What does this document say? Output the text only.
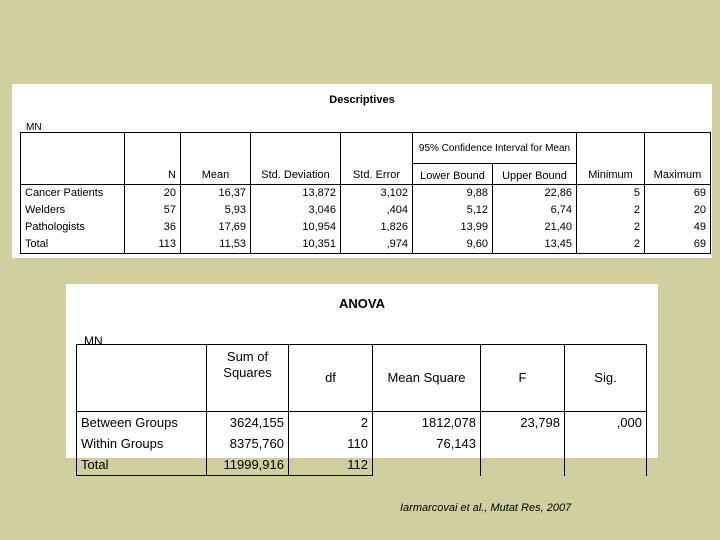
Descriptives
MN
					95% Confidence Interval for Mean			
	N	Mean	Std. Deviation	Std. Error	Lower Bound	Upper Bound	Minimum	Maximum
Cancer Patients	20	16,37	13,872	3,102	9,88	22,86	5	69
Welders	57	5,93	3,046	,404	5,12	6,74	2	20
Pathologists	36	17,69	10,954	1,826	13,99	21,40	2	49
Total	113	11,53	10,351	,974	9,60	13,45	2	69
ANOVA
MN
	Sum of Squares	df	Mean Square	F	Sig.
Between Groups	3624,155	2	1812,078	23,798	,000
Within Groups	8375,760	110	76,143		
Total	11999,916	112			
Iarmarcovai et al., Mutat Res, 2007
